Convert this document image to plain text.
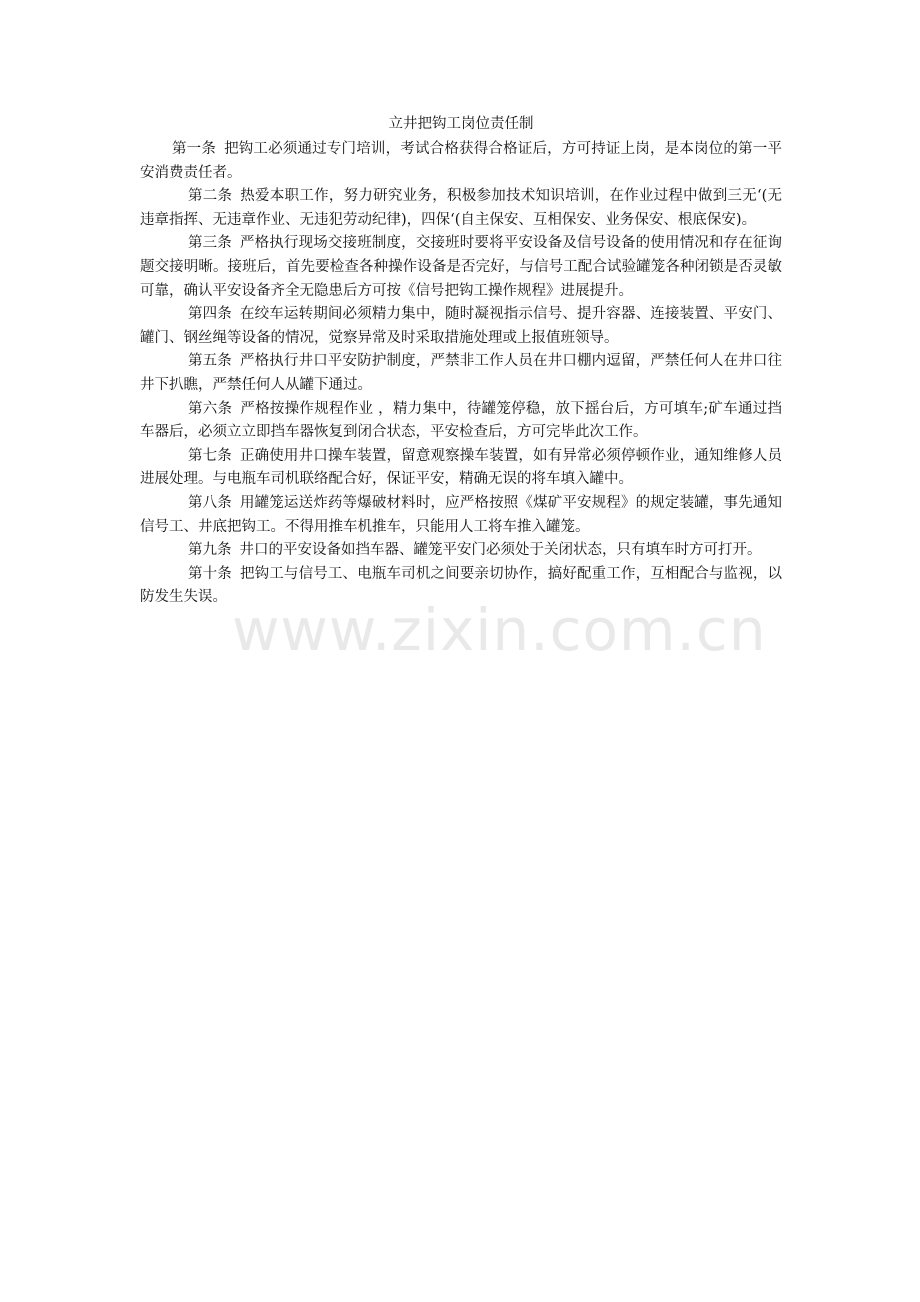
立井把钩工岗位责任制

第一条 把钩工必须通过专门培训，考试合格获得合格证后，方可持证上岗，是本岗位的第一平安消费责任者。

第二条 热爱本职工作，努力研究业务，积极参加技术知识培训，在作业过程中做到三无‘(无违章指挥、无违章作业、无违犯劳动纪律)，四保‘(自主保安、互相保安、业务保安、根底保安)。

第三条 严格执行现场交接班制度，交接班时要将平安设备及信号设备的使用情况和存在征询题交接明晰。接班后，首先要检查各种操作设备是否完好，与信号工配合试验罐笼各种闭锁是否灵敏可靠，确认平安设备齐全无隐患后方可按《信号把钩工操作规程》进展提升。

第四条 在绞车运转期间必须精力集中，随时凝视指示信号、提升容器、连接装置、平安门、罐门、钢丝绳等设备的情况，觉察异常及时采取措施处理或上报值班领导。

第五条 严格执行井口平安防护制度，严禁非工作人员在井口棚内逗留，严禁任何人在井口往井下扒瞧，严禁任何人从罐下通过。

第六条 严格按操作规程作业 ，精力集中，待罐笼停稳，放下摇台后，方可填车;矿车通过挡车器后，必须立立即挡车器恢复到闭合状态，平安检查后，方可完毕此次工作。

第七条 正确使用井口操车装置，留意观察操车装置，如有异常必须停顿作业，通知维修人员进展处理。与电瓶车司机联络配合好，保证平安，精确无误的将车填入罐中。

第八条 用罐笼运送炸药等爆破材料时，应严格按照《煤矿平安规程》的规定装罐，事先通知信号工、井底把钩工。不得用推车机推车，只能用人工将车推入罐笼。

第九条 井口的平安设备如挡车器、罐笼平安门必须处于关闭状态，只有填车时方可打开。

第十条 把钩工与信号工、电瓶车司机之间要亲切协作，搞好配重工作，互相配合与监视，以防发生失误。 www.zixin.com.cn
